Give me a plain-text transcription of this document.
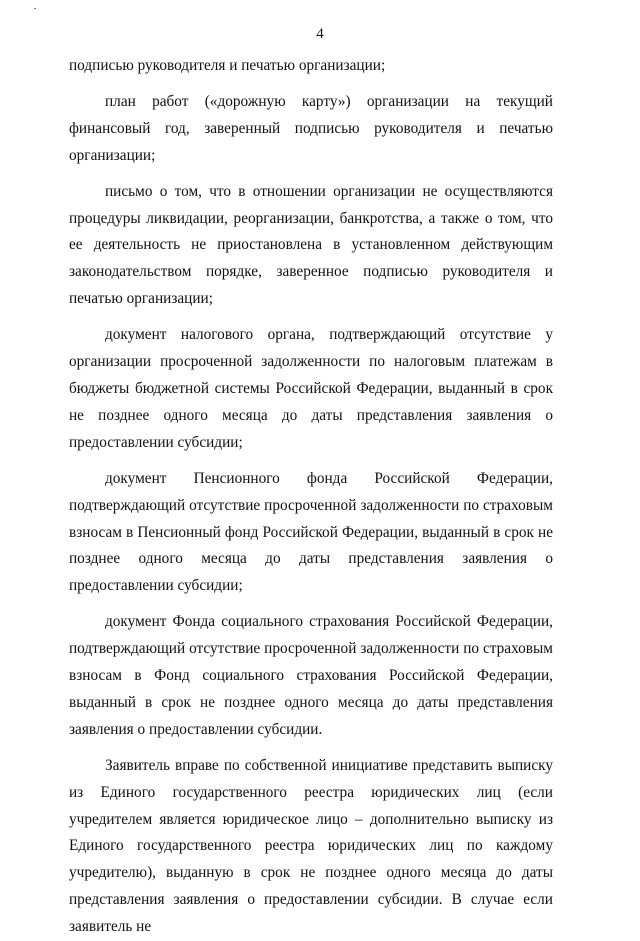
4

подписью руководителя и печатью организации;

план работ («дорожную карту») организации на текущий финансовый год, заверенный подписью руководителя и печатью организации;

письмо о том, что в отношении организации не осуществляются процедуры ликвидации, реорганизации, банкротства, а также о том, что ее деятельность не приостановлена в установленном действующим законодательством порядке, заверенное подписью руководителя и печатью организации;

документ налогового органа, подтверждающий отсутствие у организации просроченной задолженности по налоговым платежам в бюджеты бюджетной системы Российской Федерации, выданный в срок не позднее одного месяца до даты представления заявления о предоставлении субсидии;

документ Пенсионного фонда Российской Федерации, подтверждающий отсутствие просроченной задолженности по страховым взносам в Пенсионный фонд Российской Федерации, выданный в срок не позднее одного месяца до даты представления заявления о предоставлении субсидии;

документ Фонда социального страхования Российской Федерации, подтверждающий отсутствие просроченной задолженности по страховым взносам в Фонд социального страхования Российской Федерации, выданный в срок не позднее одного месяца до даты представления заявления о предоставлении субсидии.

Заявитель вправе по собственной инициативе представить выписку из Единого государственного реестра юридических лиц (если учредителем является юридическое лицо – дополнительно выписку из Единого государственного реестра юридических лиц по каждому учредителю), выданную в срок не позднее одного месяца до даты представления заявления о предоставлении субсидии. В случае если заявитель не
